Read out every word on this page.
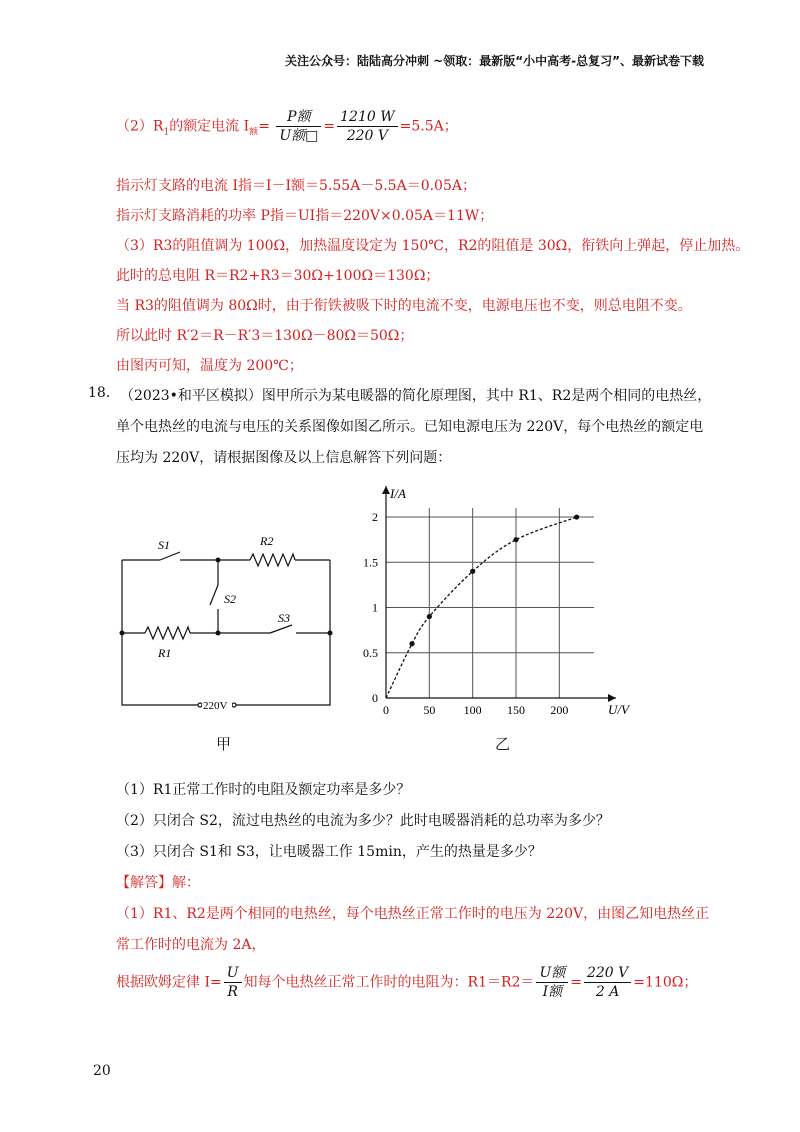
关注公众号：陆陆高分冲刺 ~领取：最新版“小中高考-总复习”、最新试卷下载
$(2)R_1$的额定电流 $I_额= \frac{\text{P额}}{\text{U额□}} = \frac{1210 W}{220 V} =5.5A$；
指示灯支路的电流 I指＝I－I额＝5.55A－5.5A＝0.05A；
指示灯支路消耗的功率 P指＝UI指＝220V×0.05A＝11W；
（3）R3的阻值调为 100Ω，加热温度设定为 150℃，R2的阻值是 30Ω，衔铁向上弹起，停止加热。
此时的总电阻 R＝R2+R3＝30Ω+100Ω＝130Ω；
当 R3的阻值调为 80Ω时，由于衔铁被吸下时的电流不变，电源电压也不变，则总电阻不变。
所以此时 R′2＝R－R′3＝130Ω－80Ω＝50Ω；
由图丙可知，温度为 200℃；
18. （2023•和平区模拟）图甲所示为某电暖器的简化原理图，其中 R1、R2是两个相同的电热丝，
单个电热丝的电流与电压的关系图像如图乙所示。已知电源电压为 220V，每个电热丝的额定电
压均为 220V，请根据图像及以上信息解答下列问题：
S1
S2
S3
R2
R1
220V
甲
0	50 100 150 200
0.5
1
1.5
2
U/V
I/A
0
乙
（1）R1正常工作时的电阻及额定功率是多少？
（2）只闭合 S2，流过电热丝的电流为多少？此时电暖器消耗的总功率为多少？
（3）只闭合 S1和 S3，让电暖器工作 15min，产生的热量是多少？
【解答】解：
（1）R1、R2是两个相同的电热丝，每个电热丝正常工作时的电压为 220V，由图乙知电热丝正
常工作时的电流为 2A，
根据欧姆定律 $I= \frac{U}{R}$ 知每个电热丝正常工作时的电阻为：$R1=R2= \frac{\text{U额}}{\text{I额}} = \frac{220 V}{2 A} =110\Omega$；
20
